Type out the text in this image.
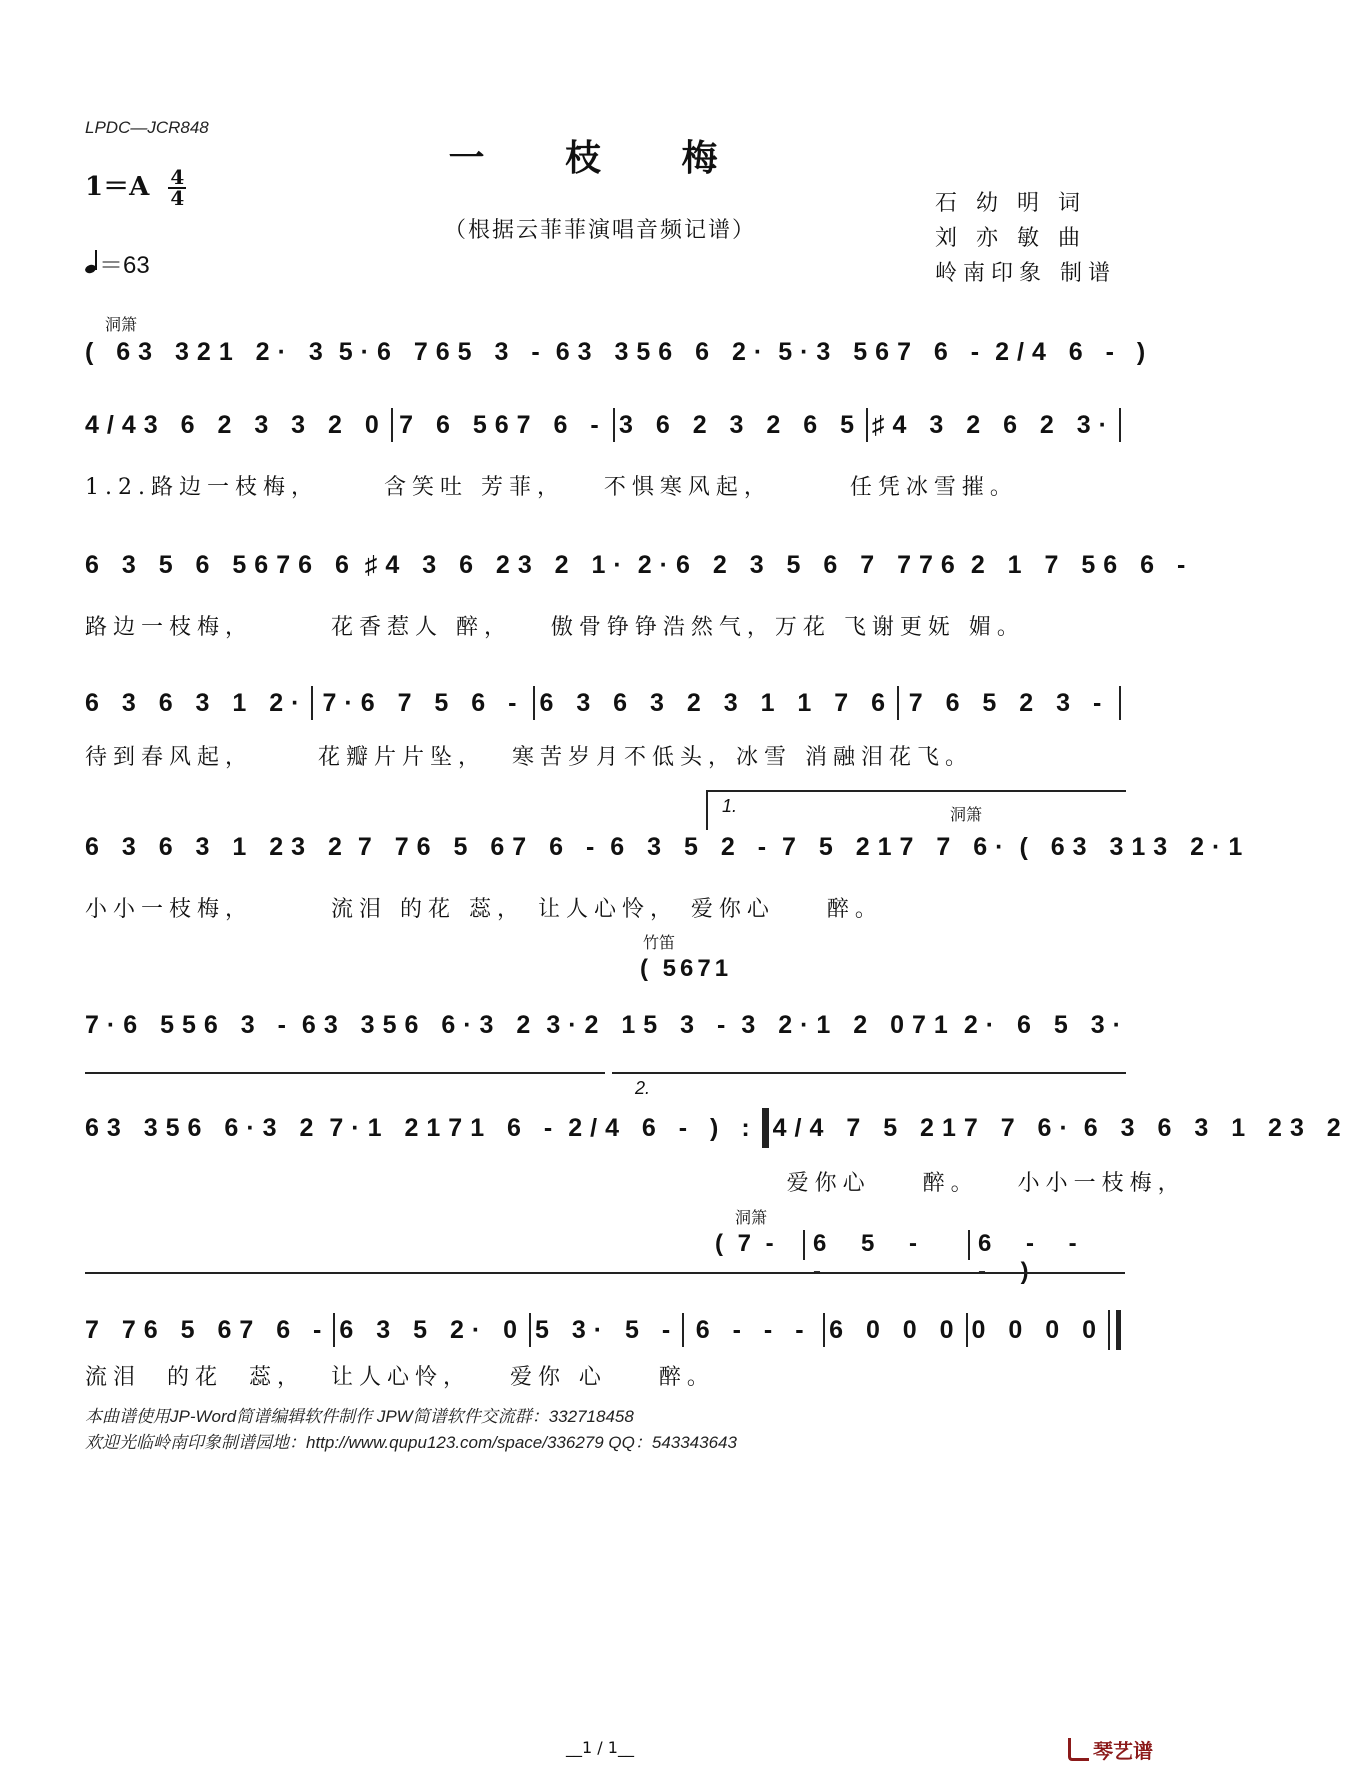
LPDC—JCR848
一 枝 梅
（根据云菲菲演唱音频记谱）
$1=A \frac{4}{4}$
＝63
石 幼 明 词
刘 亦 敏 曲
岭南印象 制谱
洞箫
( 63 321 2· 3 5·6 765 3 - 63 356 6 2· 5·3 567 6 - 2/4 6 - )
4/4 3 6 2 3 3 2 0 7 6 567 6 - 3 6 2 3 2 6 5 ♯4 3 2 6 2 3·
1.2.路边一枝梅，     含笑吐 芳菲，   不惧寒风起，      任凭冰雪摧。
6 3 5 6 5676 6 ♯4 3 6 23 2 1· 2·6 2 3 5 6 7 776 2 1 7 56 6 -
路边一枝梅，      花香惹人 醉，   傲骨铮铮浩然气，万花 飞谢更妩 媚。
6 3 6 3 1 2· 7·6 7 5 6 - 6 3 6 3 2 3 1 1 7 6 7 6 5 2 3 -
待到春风起，     花瓣片片坠，  寒苦岁月不低头，冰雪 消融泪花飞。
1.	洞箫
6 3 6 3 1 23 2 7 76 5 67 6 - 6 3 5 2 - 7 5 217 7 6· ( 63 313 2·1
小小一枝梅，      流泪 的花 蕊， 让人心怜， 爱你心    醉。
竹笛
( 5671
7·6 556 3 - 63 356 6·3 2 3·2 15 3 - 3 2·1 2 071 2· 6 5 3·
2.
63 356 6·3 2 7·1 2171 6 - 2/4 6 - ) : 4/4 7 5 217 7 6· 6 3 6 3 1 23 2
爱你心    醉。   小小一枝梅，
洞箫
( 7 -	6 5 - -
6 - - - )
7 76 5 67 6 - 6 3 5 2· 0 5 3· 5 - 6 - - - 6 0 0 0 0 0 0 0
流泪  的花  蕊，  让人心怜，   爱你 心    醉。
本曲谱使用JP-Word简谱编辑软件制作 JPW简谱软件交流群：332718458
欢迎光临岭南印象制谱园地：http://www.qupu123.com/space/336279 QQ：543343643
__1 / 1__	琴艺谱
